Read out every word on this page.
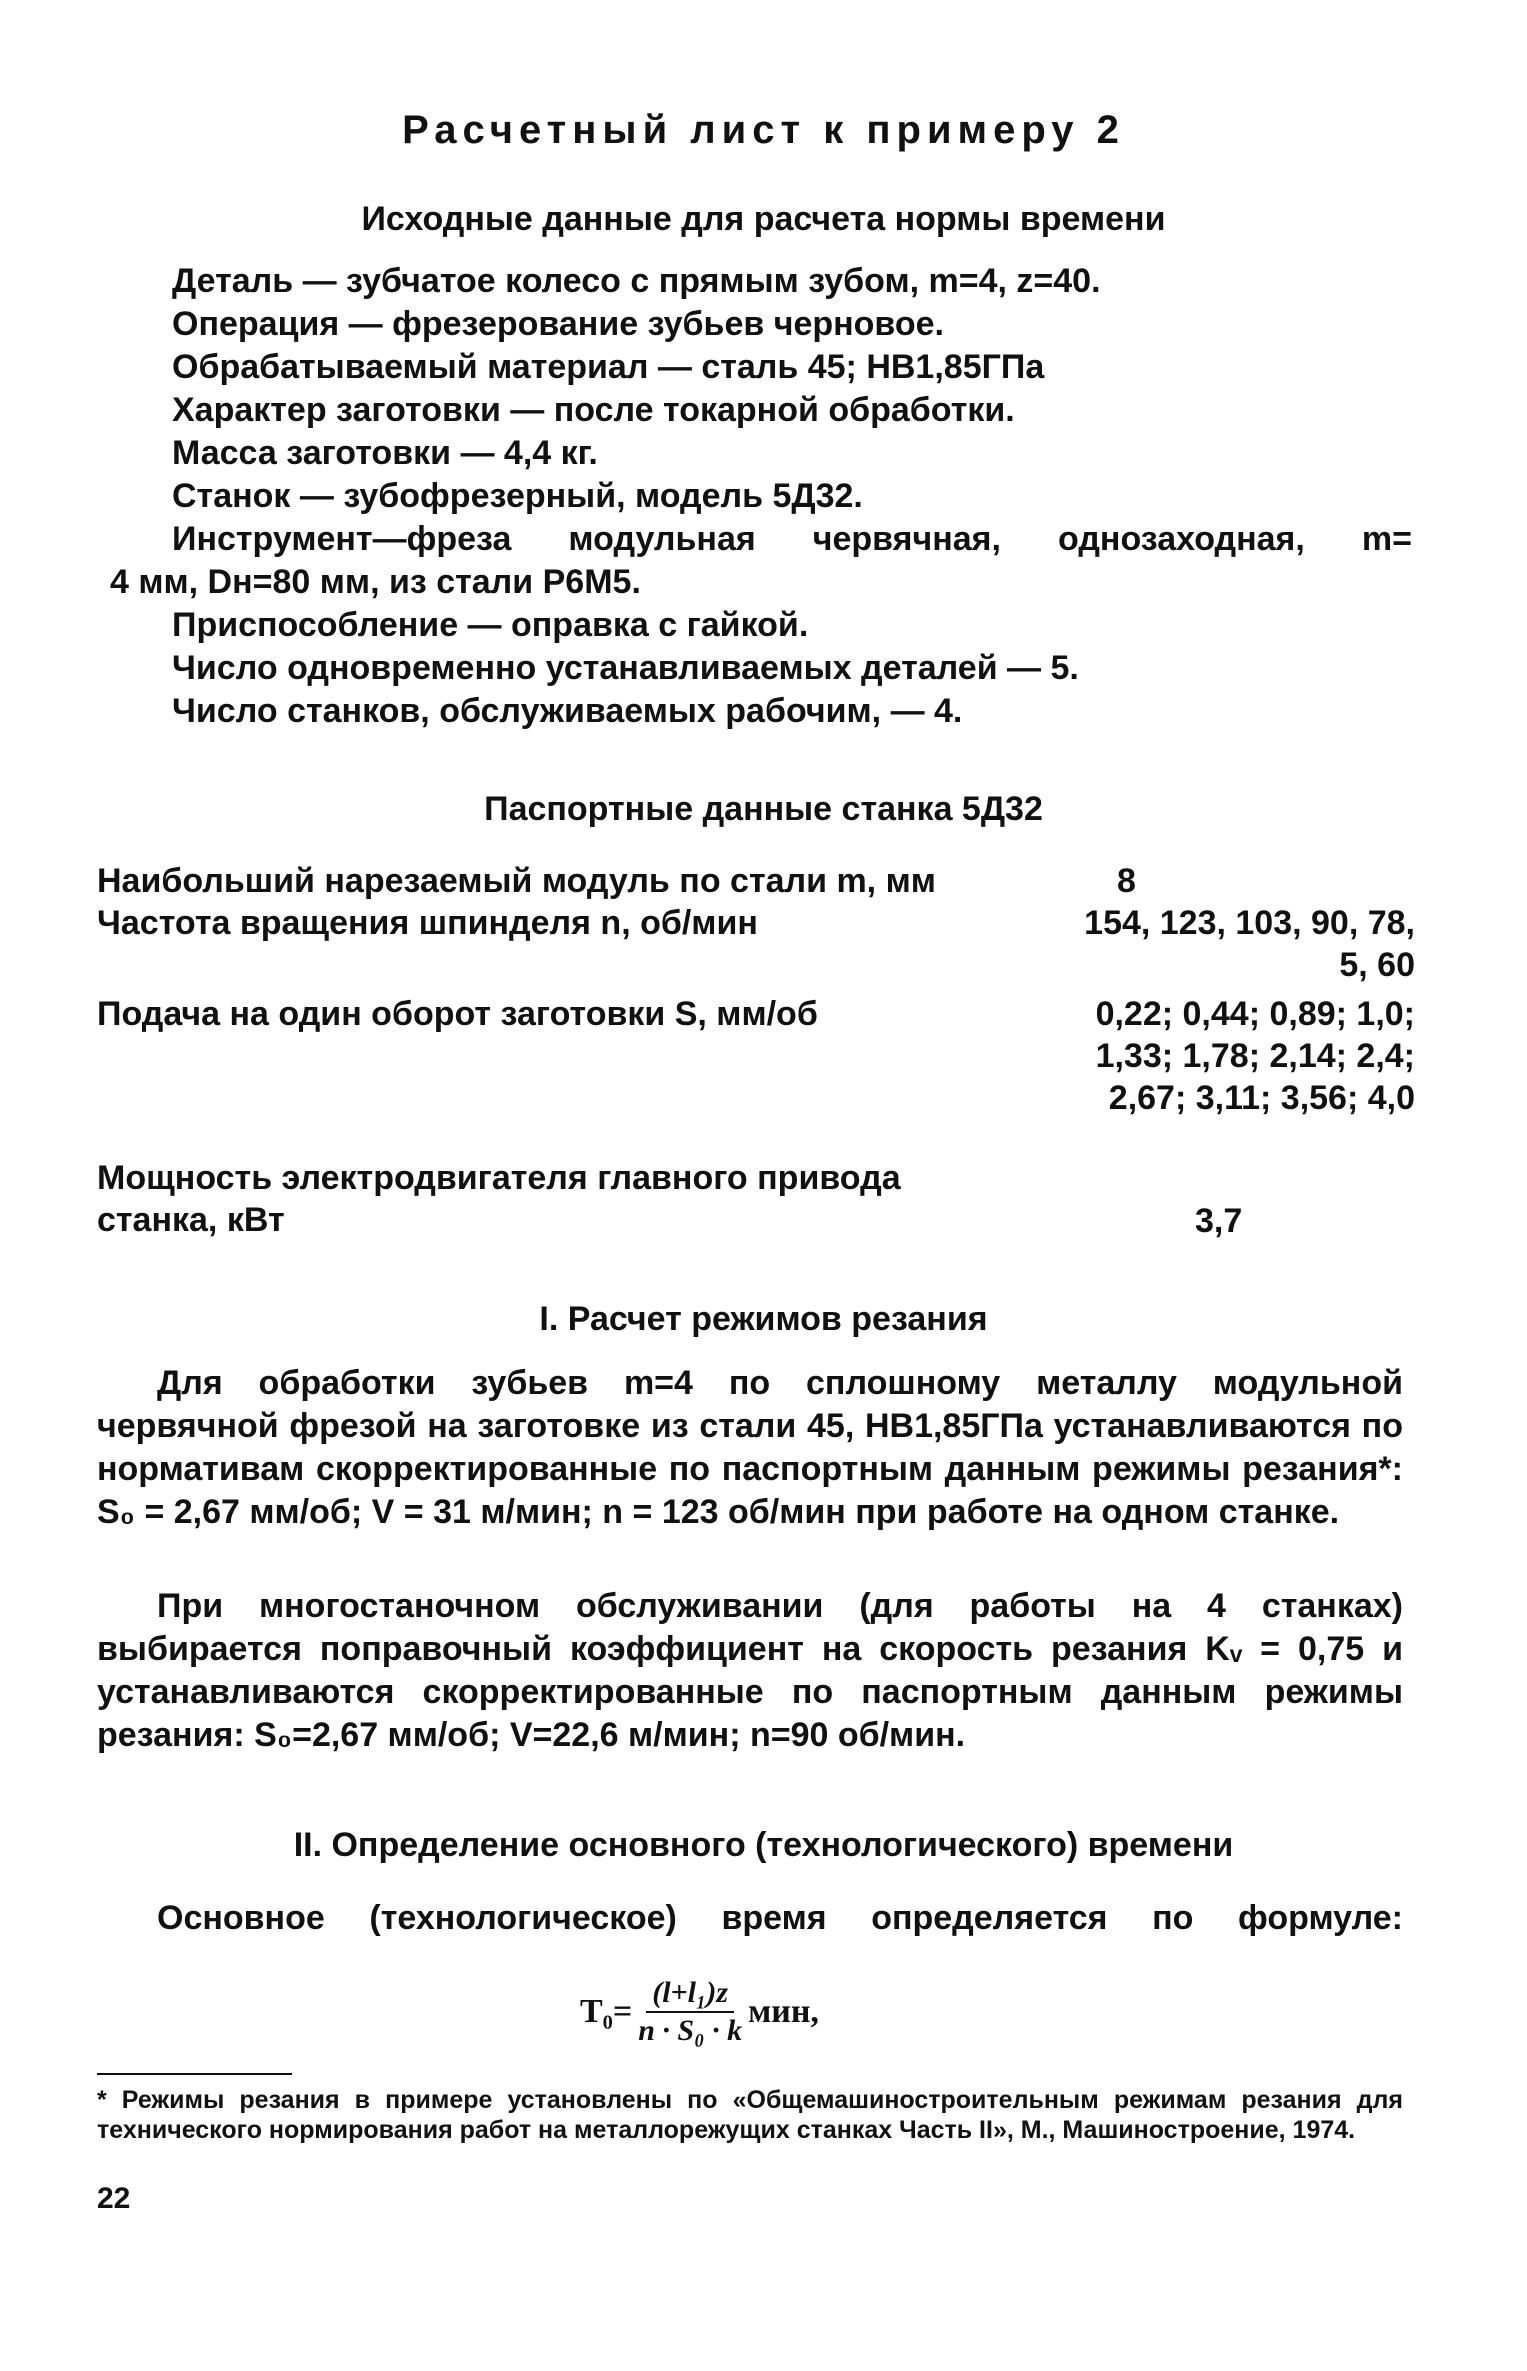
Расчетный лист к примеру 2
Исходные данные для расчета нормы времени
Деталь — зубчатое колесо с прямым зубом, m=4, z=40.
Операция — фрезерование зубьев черновое.
Обрабатываемый материал — сталь 45; НВ1,85ГПа
Характер заготовки — после токарной обработки.
Масса заготовки — 4,4 кг.
Станок — зубофрезерный, модель 5Д32.
Инструмент—фреза модульная червячная, однозаходная, m=
4 мм, Dн=80 мм, из стали Р6М5.
Приспособление — оправка с гайкой.
Число одновременно устанавливаемых деталей — 5.
Число станков, обслуживаемых рабочим, — 4.
Паспортные данные станка 5Д32
Наибольший нарезаемый модуль по стали m, мм	8
Частота вращения шпинделя n, об/мин	154, 123, 103, 90, 78, 5, 60
Подача на один оборот заготовки S, мм/об	0,22; 0,44; 0,89; 1,0; 1,33; 1,78; 2,14; 2,4; 2,67; 3,11; 3,56; 4,0
Мощность электродвигателя главного привода станка, кВт	3,7
I. Расчет режимов резания
Для обработки зубьев m=4 по сплошному металлу модульной червячной фрезой на заготовке из стали 45, НВ1,85ГПа устанавливаются по нормативам скорректированные по паспортным данным режимы резания*: S₀ = 2,67 мм/об; V = 31 м/мин; n = 123 об/мин при работе на одном станке.
При многостаночном обслуживании (для работы на 4 станках) выбирается поправочный коэффициент на скорость резания Kᵥ = 0,75 и устанавливаются скорректированные по паспортным данным режимы резания: S₀=2,67 мм/об; V=22,6 м/мин; n=90 об/мин.
II. Определение основного (технологического) времени
Основное (технологическое) время определяется по формуле:
$T_0= \frac{\text{(l+l₁)z}}{\text{n · S₀ · k}}$ мин,
* Режимы резания в примере установлены по «Общемашиностроительным режимам резания для технического нормирования работ на металлорежущих станках Часть II», М., Машиностроение, 1974.
22
